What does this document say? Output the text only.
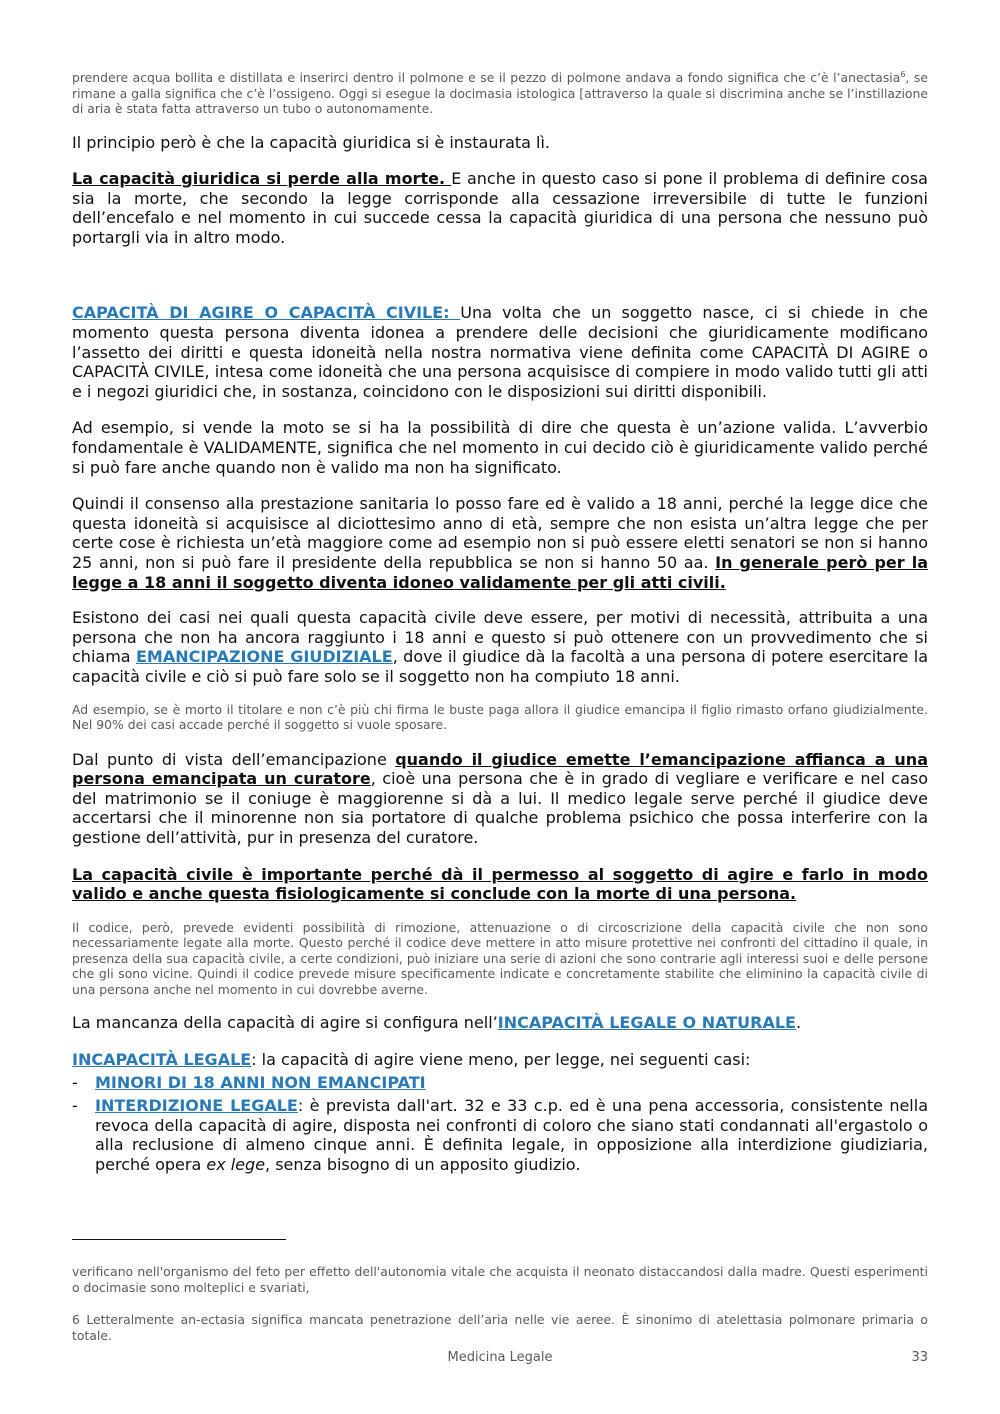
prendere acqua bollita e distillata e inserirci dentro il polmone e se il pezzo di polmone andava a fondo significa che c’è l’anectasia$^6$, se rimane a galla significa che c’è l’ossigeno. Oggi si esegue la docimasia istologica [attraverso la quale si discrimina anche se l’instillazione di aria è stata fatta attraverso un tubo o autonomamente.

Il principio però è che la capacità giuridica si è instaurata lì.

La capacità giuridica si perde alla morte. E anche in questo caso si pone il problema di definire cosa sia la morte, che secondo la legge corrisponde alla cessazione irreversibile di tutte le funzioni dell’encefalo e nel momento in cui succede cessa la capacità giuridica di una persona che nessuno può portargli via in altro modo.

CAPACITÀ DI AGIRE O CAPACITÀ CIVILE: Una volta che un soggetto nasce, ci si chiede in che momento questa persona diventa idonea a prendere delle decisioni che giuridicamente modificano l’assetto dei diritti e questa idoneità nella nostra normativa viene definita come CAPACITÀ DI AGIRE o CAPACITÀ CIVILE, intesa come idoneità che una persona acquisisce di compiere in modo valido tutti gli atti e i negozi giuridici che, in sostanza, coincidono con le disposizioni sui diritti disponibili.

Ad esempio, si vende la moto se si ha la possibilità di dire che questa è un’azione valida. L’avverbio fondamentale è VALIDAMENTE, significa che nel momento in cui decido ciò è giuridicamente valido perché si può fare anche quando non è valido ma non ha significato.

Quindi il consenso alla prestazione sanitaria lo posso fare ed è valido a 18 anni, perché la legge dice che questa idoneità si acquisisce al diciottesimo anno di età, sempre che non esista un’altra legge che per certe cose è richiesta un’età maggiore come ad esempio non si può essere eletti senatori se non si hanno 25 anni, non si può fare il presidente della repubblica se non si hanno 50 aa. In generale però per la legge a 18 anni il soggetto diventa idoneo validamente per gli atti civili.

Esistono dei casi nei quali questa capacità civile deve essere, per motivi di necessità, attribuita a una persona che non ha ancora raggiunto i 18 anni e questo si può ottenere con un provvedimento che si chiama EMANCIPAZIONE GIUDIZIALE, dove il giudice dà la facoltà a una persona di potere esercitare la capacità civile e ciò si può fare solo se il soggetto non ha compiuto 18 anni.

Ad esempio, se è morto il titolare e non c’è più chi firma le buste paga allora il giudice emancipa il figlio rimasto orfano giudizialmente. Nel 90% dei casi accade perché il soggetto si vuole sposare.

Dal punto di vista dell’emancipazione quando il giudice emette l’emancipazione affianca a una persona emancipata un curatore, cioè una persona che è in grado di vegliare e verificare e nel caso del matrimonio se il coniuge è maggiorenne si dà a lui. Il medico legale serve perché il giudice deve accertarsi che il minorenne non sia portatore di qualche problema psichico che possa interferire con la gestione dell’attività, pur in presenza del curatore.

La capacità civile è importante perché dà il permesso al soggetto di agire e farlo in modo valido e anche questa fisiologicamente si conclude con la morte di una persona.

Il codice, però, prevede evidenti possibilità di rimozione, attenuazione o di circoscrizione della capacità civile che non sono necessariamente legate alla morte. Questo perché il codice deve mettere in atto misure protettive nei confronti del cittadino il quale, in presenza della sua capacità civile, a certe condizioni, può iniziare una serie di azioni che sono contrarie agli interessi suoi e delle persone che gli sono vicine. Quindi il codice prevede misure specificamente indicate e concretamente stabilite che eliminino la capacità civile di una persona anche nel momento in cui dovrebbe averne.

La mancanza della capacità di agire si configura nell’INCAPACITÀ LEGALE O NATURALE.

INCAPACITÀ LEGALE: la capacità di agire viene meno, per legge, nei seguenti casi:

- MINORI DI 18 ANNI NON EMANCIPATI
- INTERDIZIONE LEGALE: è prevista dall'art. 32 e 33 c.p. ed è una pena accessoria, consistente nella revoca della capacità di agire, disposta nei confronti di coloro che siano stati condannati all'ergastolo o alla reclusione di almeno cinque anni. È definita legale, in opposizione alla interdizione giudiziaria, perché opera ex lege, senza bisogno di un apposito giudizio.

verificano nell'organismo del feto per effetto dell'autonomia vitale che acquista il neonato distaccandosi dalla madre. Questi esperimenti o docimasie sono molteplici e svariati,

6 Letteralmente an-ectasia significa mancata penetrazione dell’aria nelle vie aeree. È sinonimo di atelettasia polmonare primaria o totale.

Medicina Legale	33
